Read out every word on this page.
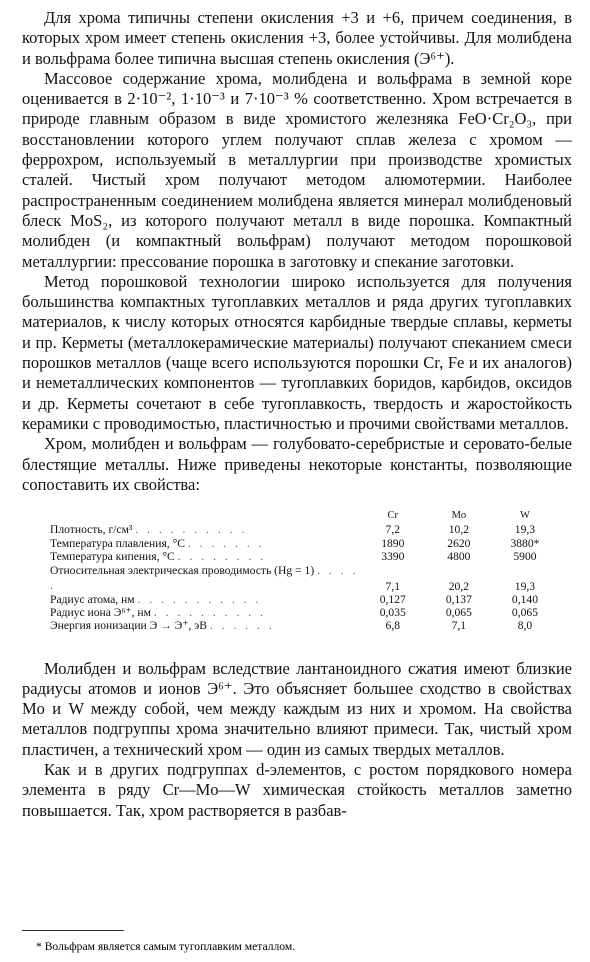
Для хрома типичны степени окисления +3 и +6, причем соединения, в которых хром имеет степень окисления +3, более устойчивы. Для молибдена и вольфрама более типична высшая степень окисления (Э⁶⁺).

Массовое содержание хрома, молибдена и вольфрама в земной коре оценивается в 2·10⁻², 1·10⁻³ и 7·10⁻³ % соответственно. Хром встречается в природе главным образом в виде хромистого железняка FeO·Cr₂O₃, при восстановлении которого углем получают сплав железа с хромом — феррохром, используемый в металлургии при производстве хромистых сталей. Чистый хром получают методом алюмотермии. Наиболее распространенным соединением молибдена является минерал молибденовый блеск MoS₂, из которого получают металл в виде порошка. Компактный молибден (и компактный вольфрам) получают методом порошковой металлургии: прессование порошка в заготовку и спекание заготовки.

Метод порошковой технологии широко используется для получения большинства компактных тугоплавких металлов и ряда других тугоплавких материалов, к числу которых относятся карбидные твердые сплавы, керметы и пр. Керметы (металлокерамические материалы) получают спеканием смеси порошков металлов (чаще всего используются порошки Cr, Fe и их аналогов) и неметаллических компонентов — тугоплавких боридов, карбидов, оксидов и др. Керметы сочетают в себе тугоплавкость, твердость и жаростойкость керамики с проводимостью, пластичностью и прочими свойствами металлов.

Хром, молибден и вольфрам — голубовато-серебристые и серовато-белые блестящие металлы. Ниже приведены некоторые константы, позволяющие сопоставить их свойства:

	Cr	Mo	W
Плотность, г/см³ . . . . . . . . . .	7,2	10,2	19,3
Температура плавления, °С . . . . . . .	1890	2620	3880*
Температура кипения, °С . . . . . . . .	3390	4800	5900
Относительная электрическая проводимость (Hg = 1) . . . . .	7,1	20,2	19,3
Радиус атома, нм . . . . . . . . . . .	0,127	0,137	0,140
Радиус иона Э⁶⁺, нм . . . . . . . . . .	0,035	0,065	0,065
Энергия ионизации Э → Э⁺, эВ . . . . . .	6,8	7,1	8,0

Молибден и вольфрам вследствие лантаноидного сжатия имеют близкие радиусы атомов и ионов Э⁶⁺. Это объясняет большее сходство в свойствах Mo и W между собой, чем между каждым из них и хромом. На свойства металлов подгруппы хрома значительно влияют примеси. Так, чистый хром пластичен, а технический хром — один из самых твердых металлов.

Как и в других подгруппах d-элементов, с ростом порядкового номера элемента в ряду Cr—Mo—W химическая стойкость металлов заметно повышается. Так, хром растворяется в разбав-

* Вольфрам является самым тугоплавким металлом.
